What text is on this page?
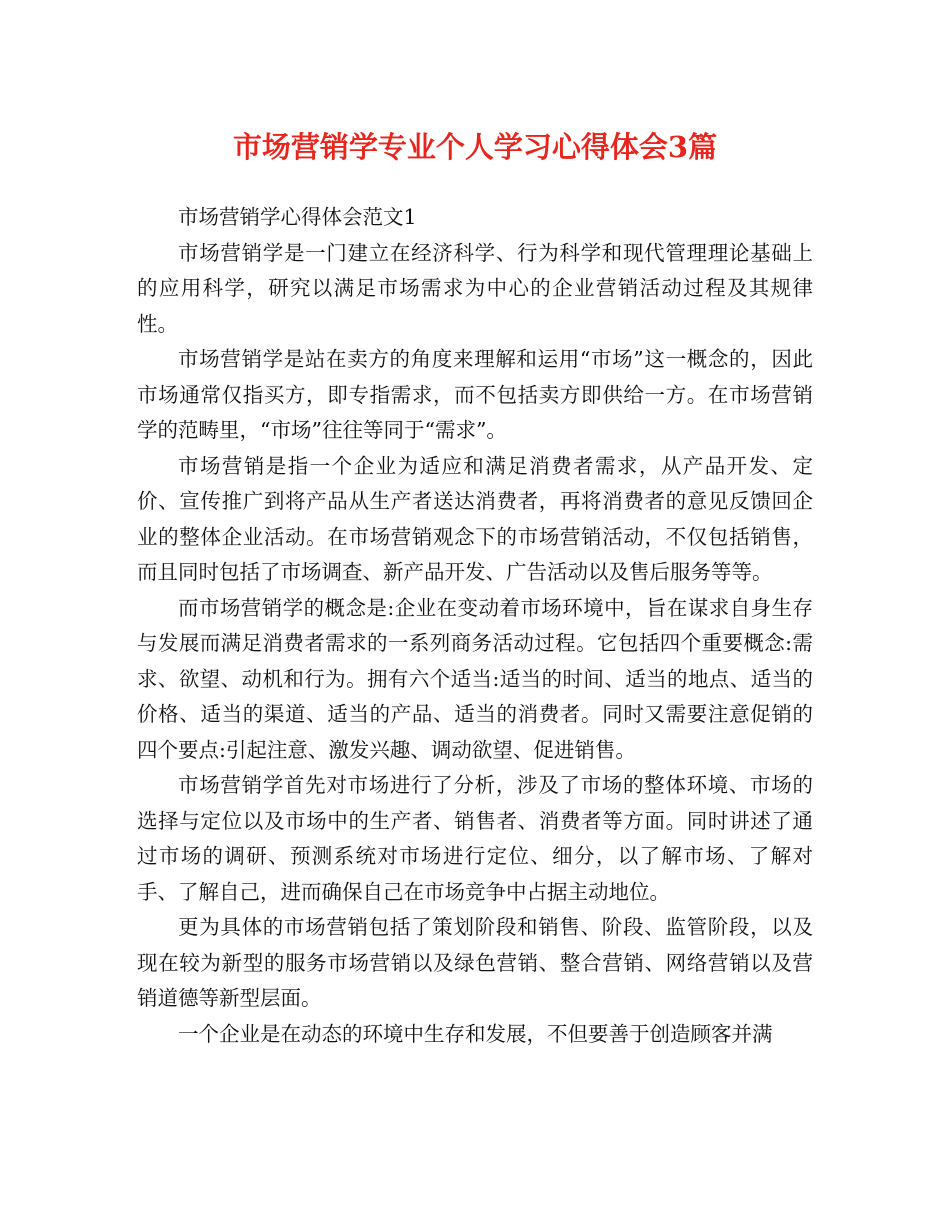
市场营销学专业个人学习心得体会3篇

市场营销学心得体会范文1

市场营销学是一门建立在经济科学、行为科学和现代管理理论基础上的应用科学，研究以满足市场需求为中心的企业营销活动过程及其规律性。

市场营销学是站在卖方的角度来理解和运用“市场”这一概念的，因此市场通常仅指买方，即专指需求，而不包括卖方即供给一方。在市场营销学的范畴里，“市场”往往等同于“需求”。

市场营销是指一个企业为适应和满足消费者需求，从产品开发、定价、宣传推广到将产品从生产者送达消费者，再将消费者的意见反馈回企业的整体企业活动。在市场营销观念下的市场营销活动，不仅包括销售，而且同时包括了市场调查、新产品开发、广告活动以及售后服务等等。

而市场营销学的概念是:企业在变动着市场环境中，旨在谋求自身生存与发展而满足消费者需求的一系列商务活动过程。它包括四个重要概念:需求、欲望、动机和行为。拥有六个适当:适当的时间、适当的地点、适当的价格、适当的渠道、适当的产品、适当的消费者。同时又需要注意促销的四个要点:引起注意、激发兴趣、调动欲望、促进销售。

市场营销学首先对市场进行了分析，涉及了市场的整体环境、市场的选择与定位以及市场中的生产者、销售者、消费者等方面。同时讲述了通过市场的调研、预测系统对市场进行定位、细分，以了解市场、了解对手、了解自己，进而确保自己在市场竞争中占据主动地位。

更为具体的市场营销包括了策划阶段和销售、阶段、监管阶段，以及现在较为新型的服务市场营销以及绿色营销、整合营销、网络营销以及营销道德等新型层面。

一个企业是在动态的环境中生存和发展，不但要善于创造顾客并满
